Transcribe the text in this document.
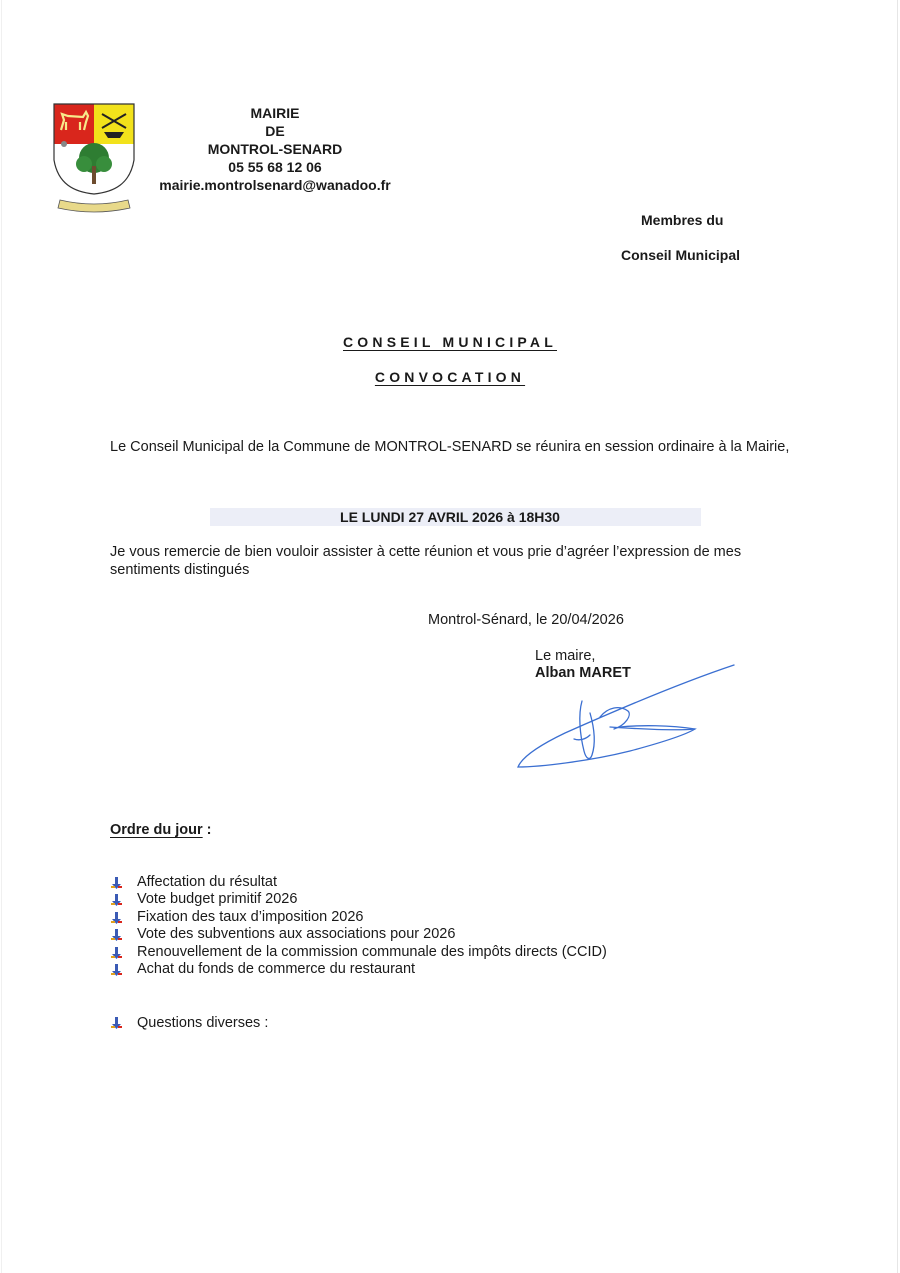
MAIRIE
DE
MONTROL-SENARD
05 55 68 12 06
mairie.montrolsenard@wanadoo.fr
Membres du
Conseil Municipal
CONSEIL MUNICIPAL
CONVOCATION
Le Conseil Municipal de la Commune de MONTROL-SENARD se réunira en session ordinaire à la Mairie,
LE LUNDI 27 AVRIL 2026 à 18H30
Je vous remercie de bien vouloir assister à cette réunion et vous prie d’agréer l’expression de mes sentiments distingués
Montrol-Sénard, le 20/04/2026
Le maire,
Alban MARET
Ordre du jour :
Affectation du résultat
Vote budget primitif 2026
Fixation des taux d’imposition 2026
Vote des subventions aux associations pour 2026
Renouvellement de la commission communale des impôts directs (CCID)
Achat du fonds de commerce du restaurant
Questions diverses :
